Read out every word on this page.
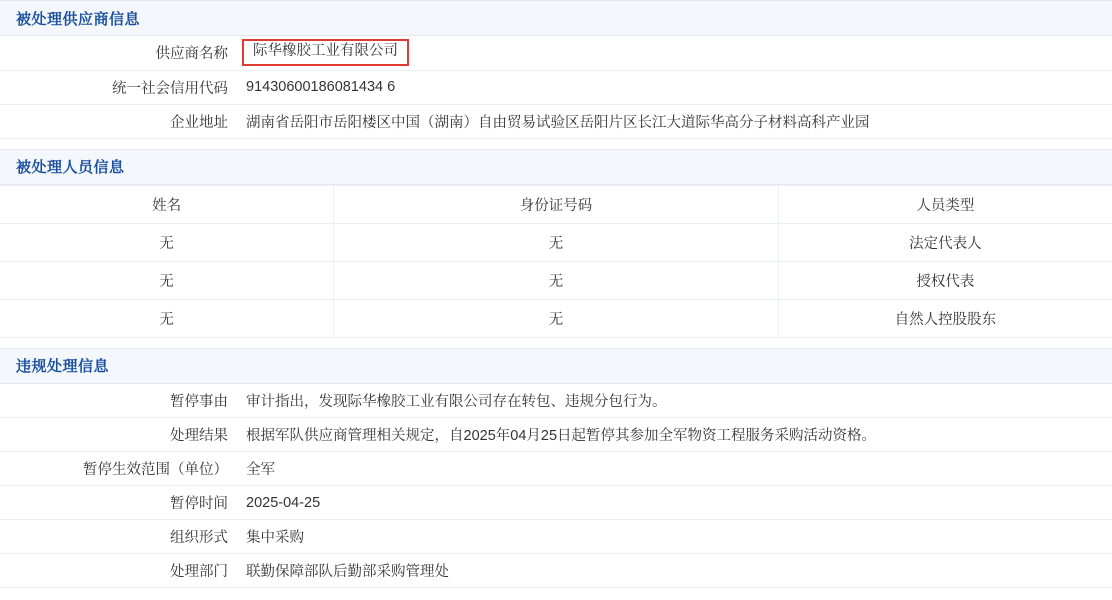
被处理供应商信息
供应商名称	际华橡胶工业有限公司
统一社会信用代码	91430600186081434 6
企业地址	湖南省岳阳市岳阳楼区中国（湖南）自由贸易试验区岳阳片区长江大道际华高分子材料高科产业园
被处理人员信息
姓名	身份证号码	人员类型
无	无	法定代表人
无	无	授权代表
无	无	自然人控股股东
违规处理信息
暂停事由	审计指出，发现际华橡胶工业有限公司存在转包、违规分包行为。
处理结果	根据军队供应商管理相关规定，自2025年04月25日起暂停其参加全军物资工程服务采购活动资格。
暂停生效范围（单位）	全军
暂停时间	2025-04-25
组织形式	集中采购
处理部门	联勤保障部队后勤部采购管理处
